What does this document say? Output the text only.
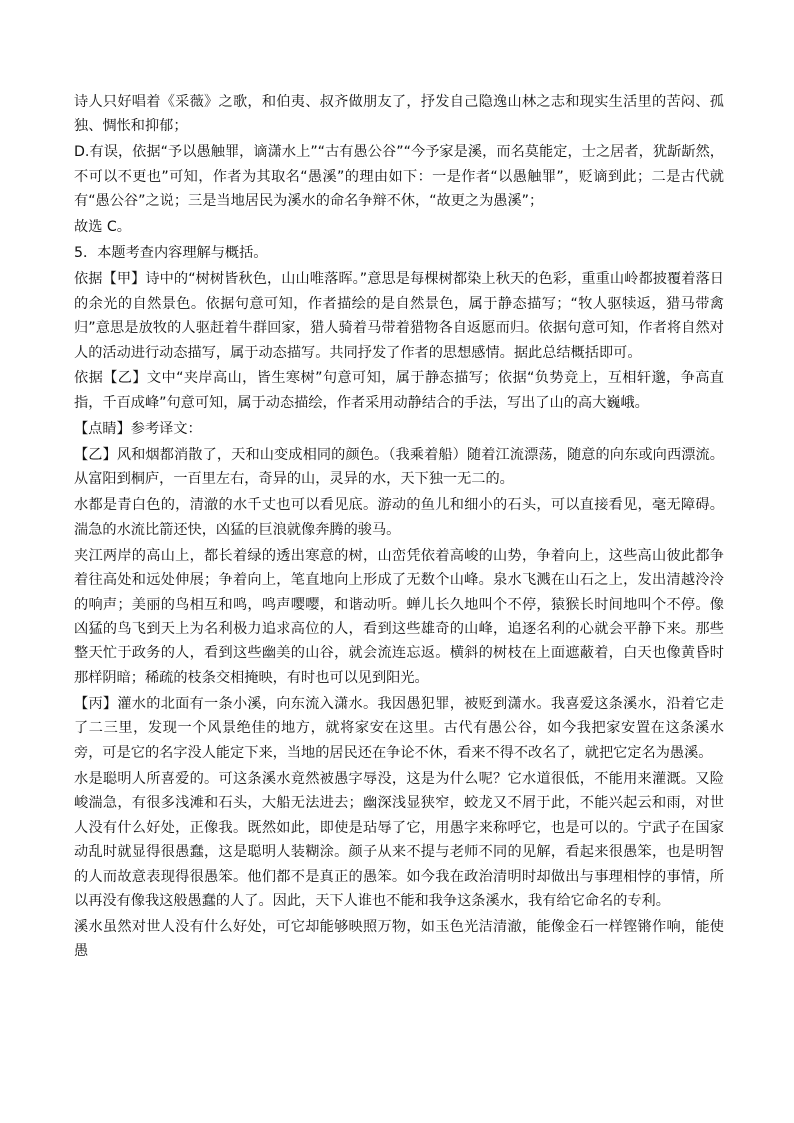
诗人只好唱着《采薇》之歌，和伯夷、叔齐做朋友了，抒发自己隐逸山林之志和现实生活里的苦闷、孤独、惆怅和抑郁；

D.有误，依据“予以愚触罪，谪潇水上”“古有愚公谷”“今予家是溪，而名莫能定，士之居者，犹龂龂然，不可以不更也”可知，作者为其取名“愚溪”的理由如下：一是作者“以愚触罪”，贬谪到此；二是古代就有“愚公谷”之说；三是当地居民为溪水的命名争辩不休，“故更之为愚溪”；

故选 C。

5．本题考查内容理解与概括。

依据【甲】诗中的“树树皆秋色，山山唯落晖。”意思是每棵树都染上秋天的色彩，重重山岭都披覆着落日的余光的自然景色。依据句意可知，作者描绘的是自然景色，属于静态描写；“牧人驱犊返，猎马带禽归”意思是放牧的人驱赶着牛群回家，猎人骑着马带着猎物各自返愿而归。依据句意可知，作者将自然对人的活动进行动态描写，属于动态描写。共同抒发了作者的思想感情。据此总结概括即可。

依据【乙】文中“夹岸高山，皆生寒树”句意可知，属于静态描写；依据“负势竞上，互相轩邈，争高直指，千百成峰”句意可知，属于动态描绘，作者采用动静结合的手法，写出了山的高大巍峨。

【点睛】参考译文：

【乙】风和烟都消散了，天和山变成相同的颜色。（我乘着船）随着江流漂荡，随意的向东或向西漂流。从富阳到桐庐，一百里左右，奇异的山，灵异的水，天下独一无二的。

水都是青白色的，清澈的水千丈也可以看见底。游动的鱼儿和细小的石头，可以直接看见，毫无障碍。湍急的水流比箭还快，凶猛的巨浪就像奔腾的骏马。

夹江两岸的高山上，都长着绿的透出寒意的树，山峦凭依着高峻的山势，争着向上，这些高山彼此都争着往高处和远处伸展；争着向上，笔直地向上形成了无数个山峰。泉水飞溅在山石之上，发出清越泠泠的响声；美丽的鸟相互和鸣，鸣声嘤嘤，和谐动听。蝉儿长久地叫个不停，猿猴长时间地叫个不停。像凶猛的鸟飞到天上为名利极力追求高位的人，看到这些雄奇的山峰，追逐名利的心就会平静下来。那些整天忙于政务的人，看到这些幽美的山谷，就会流连忘返。横斜的树枝在上面遮蔽着，白天也像黄昏时那样阴暗；稀疏的枝条交相掩映，有时也可以见到阳光。

【丙】灌水的北面有一条小溪，向东流入潇水。我因愚犯罪，被贬到潇水。我喜爱这条溪水，沿着它走了二三里，发现一个风景绝佳的地方，就将家安在这里。古代有愚公谷，如今我把家安置在这条溪水旁，可是它的名字没人能定下来，当地的居民还在争论不休，看来不得不改名了，就把它定名为愚溪。

水是聪明人所喜爱的。可这条溪水竟然被愚字辱没，这是为什么呢？它水道很低，不能用来灌溉。又险峻湍急，有很多浅滩和石头，大船无法进去；幽深浅显狭窄，蛟龙又不屑于此，不能兴起云和雨，对世人没有什么好处，正像我。既然如此，即使是玷辱了它，用愚字来称呼它，也是可以的。宁武子在国家动乱时就显得很愚蠢，这是聪明人装糊涂。颜子从来不提与老师不同的见解，看起来很愚笨，也是明智的人而故意表现得很愚笨。他们都不是真正的愚笨。如今我在政治清明时却做出与事理相悖的事情，所以再没有像我这般愚蠢的人了。因此，天下人谁也不能和我争这条溪水，我有给它命名的专利。

溪水虽然对世人没有什么好处，可它却能够映照万物，如玉色光洁清澈，能像金石一样铿锵作响，能使愚
